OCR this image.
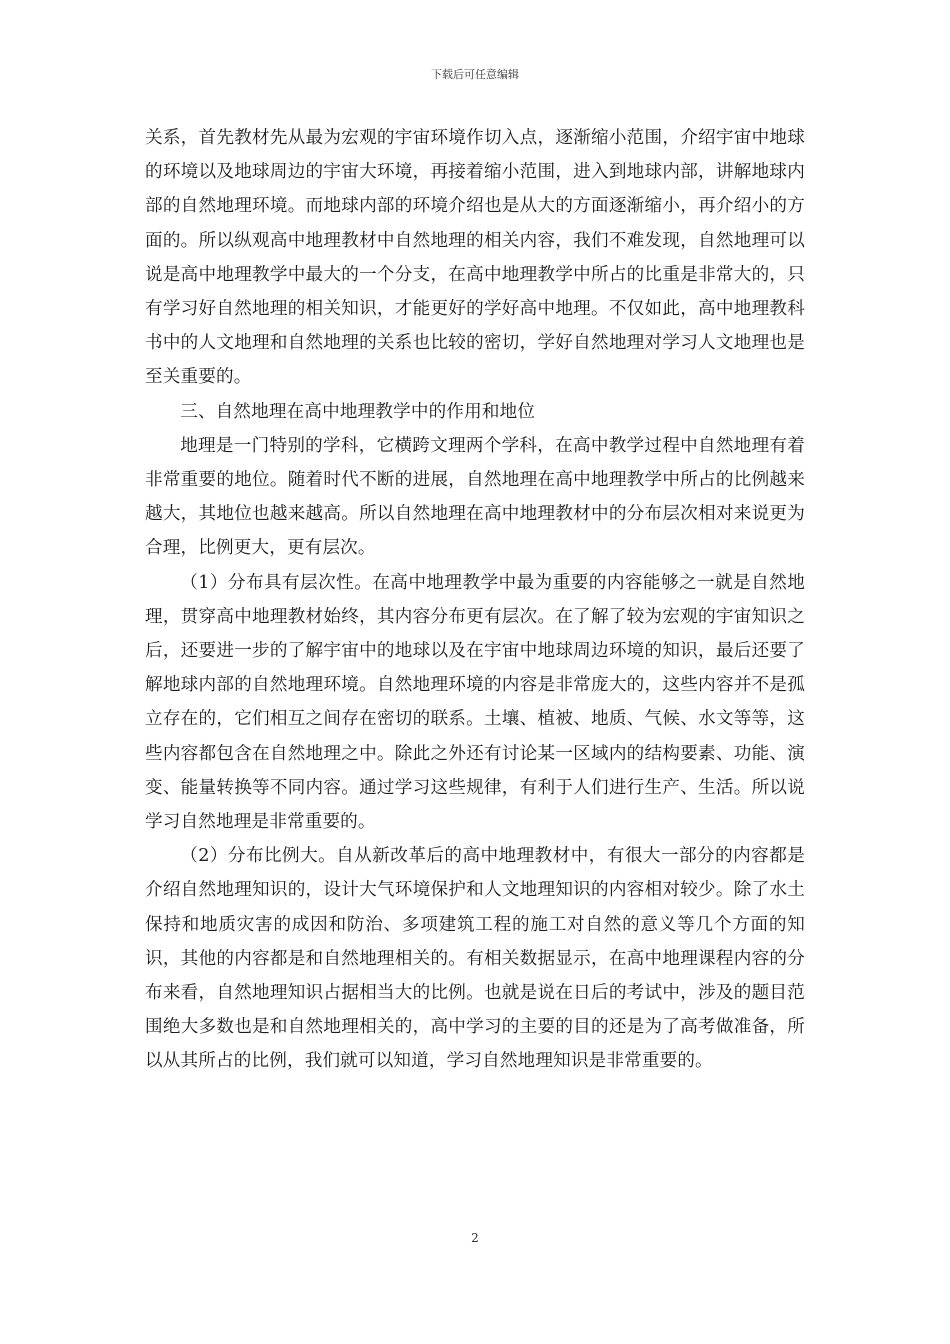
下载后可任意编辑

关系，首先教材先从最为宏观的宇宙环境作切入点，逐渐缩小范围，介绍宇宙中地球的环境以及地球周边的宇宙大环境，再接着缩小范围，进入到地球内部，讲解地球内部的自然地理环境。而地球内部的环境介绍也是从大的方面逐渐缩小，再介绍小的方面的。所以纵观高中地理教材中自然地理的相关内容，我们不难发现，自然地理可以说是高中地理教学中最大的一个分支，在高中地理教学中所占的比重是非常大的，只有学习好自然地理的相关知识，才能更好的学好高中地理。不仅如此，高中地理教科书中的人文地理和自然地理的关系也比较的密切，学好自然地理对学习人文地理也是至关重要的。

三、自然地理在高中地理教学中的作用和地位

地理是一门特别的学科，它横跨文理两个学科，在高中教学过程中自然地理有着非常重要的地位。随着时代不断的进展，自然地理在高中地理教学中所占的比例越来越大，其地位也越来越高。所以自然地理在高中地理教材中的分布层次相对来说更为合理，比例更大，更有层次。

（1）分布具有层次性。在高中地理教学中最为重要的内容能够之一就是自然地理，贯穿高中地理教材始终，其内容分布更有层次。在了解了较为宏观的宇宙知识之后，还要进一步的了解宇宙中的地球以及在宇宙中地球周边环境的知识，最后还要了解地球内部的自然地理环境。自然地理环境的内容是非常庞大的，这些内容并不是孤立存在的，它们相互之间存在密切的联系。土壤、植被、地质、气候、水文等等，这些内容都包含在自然地理之中。除此之外还有讨论某一区域内的结构要素、功能、演变、能量转换等不同内容。通过学习这些规律，有利于人们进行生产、生活。所以说学习自然地理是非常重要的。

（2）分布比例大。自从新改革后的高中地理教材中，有很大一部分的内容都是介绍自然地理知识的，设计大气环境保护和人文地理知识的内容相对较少。除了水土保持和地质灾害的成因和防治、多项建筑工程的施工对自然的意义等几个方面的知识，其他的内容都是和自然地理相关的。有相关数据显示，在高中地理课程内容的分布来看，自然地理知识占据相当大的比例。也就是说在日后的考试中，涉及的题目范围绝大多数也是和自然地理相关的，高中学习的主要的目的还是为了高考做准备，所以从其所占的比例，我们就可以知道，学习自然地理知识是非常重要的。

2
